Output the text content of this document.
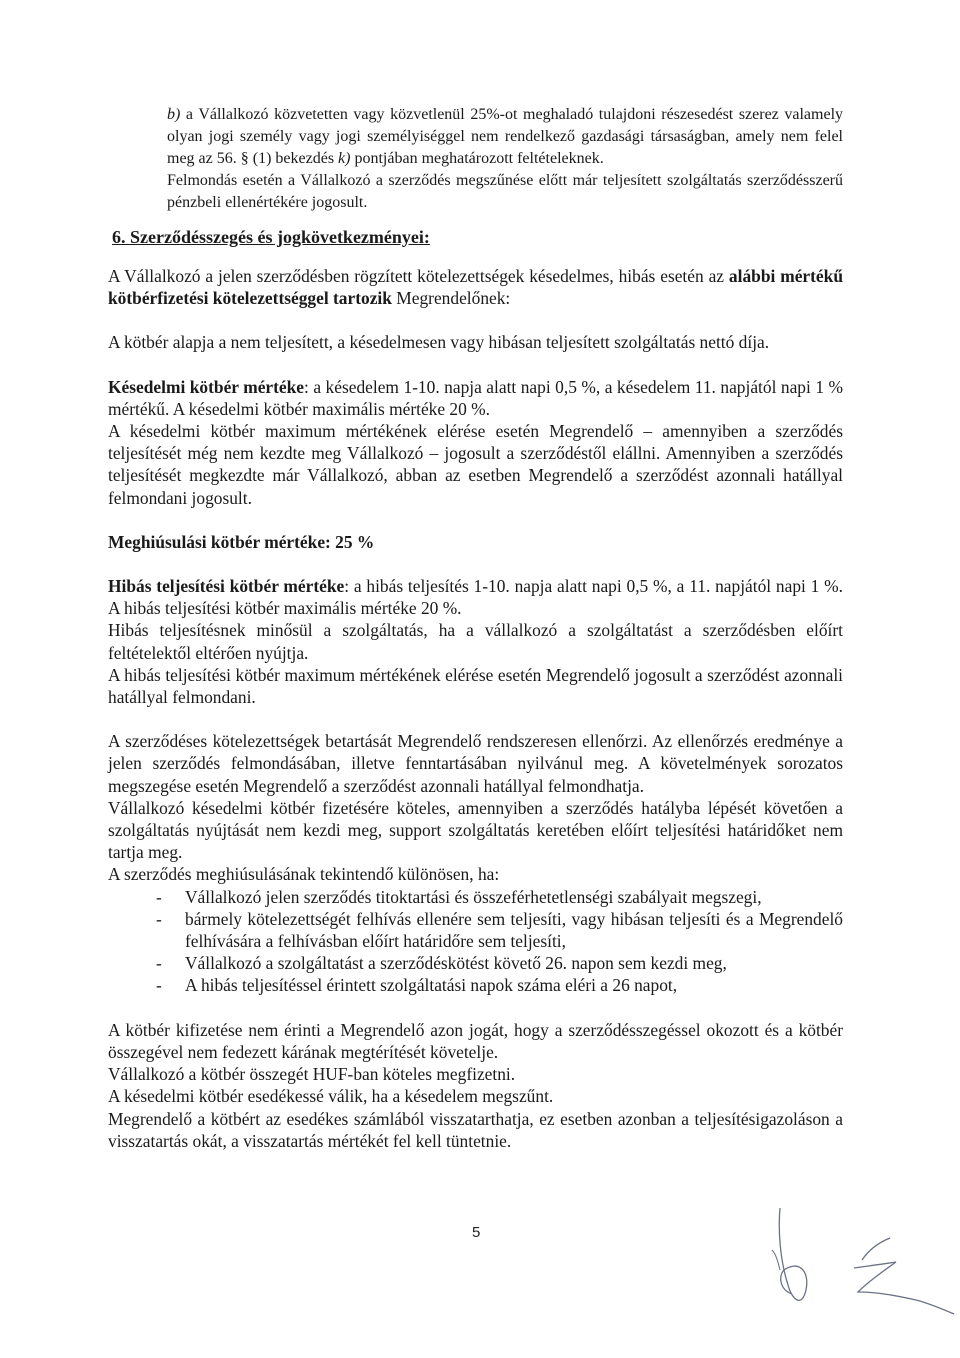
b) a Vállalkozó közvetetten vagy közvetlenül 25%-ot meghaladó tulajdoni részesedést szerez valamely olyan jogi személy vagy jogi személyiséggel nem rendelkező gazdasági társaságban, amely nem felel meg az 56. § (1) bekezdés k) pontjában meghatározott feltételeknek.

Felmondás esetén a Vállalkozó a szerződés megszűnése előtt már teljesített szolgáltatás szerződésszerű pénzbeli ellenértékére jogosult.

6. Szerződésszegés és jogkövetkezményei:

A Vállalkozó a jelen szerződésben rögzített kötelezettségek késedelmes, hibás esetén az alábbi mértékű kötbérfizetési kötelezettséggel tartozik Megrendelőnek:

A kötbér alapja a nem teljesített, a késedelmesen vagy hibásan teljesített szolgáltatás nettó díja.

Késedelmi kötbér mértéke: a késedelem 1-10. napja alatt napi 0,5 %, a késedelem 11. napjától napi 1 % mértékű. A késedelmi kötbér maximális mértéke 20 %.

A késedelmi kötbér maximum mértékének elérése esetén Megrendelő – amennyiben a szerződés teljesítését még nem kezdte meg Vállalkozó – jogosult a szerződéstől elállni. Amennyiben a szerződés teljesítését megkezdte már Vállalkozó, abban az esetben Megrendelő a szerződést azonnali hatállyal felmondani jogosult.

Meghiúsulási kötbér mértéke: 25 %

Hibás teljesítési kötbér mértéke: a hibás teljesítés 1-10. napja alatt napi 0,5 %, a 11. napjától napi 1 %. A hibás teljesítési kötbér maximális mértéke 20 %.

Hibás teljesítésnek minősül a szolgáltatás, ha a vállalkozó a szolgáltatást a szerződésben előírt feltételektől eltérően nyújtja.

A hibás teljesítési kötbér maximum mértékének elérése esetén Megrendelő jogosult a szerződést azonnali hatállyal felmondani.

A szerződéses kötelezettségek betartását Megrendelő rendszeresen ellenőrzi. Az ellenőrzés eredménye a jelen szerződés felmondásában, illetve fenntartásában nyilvánul meg. A követelmények sorozatos megszegése esetén Megrendelő a szerződést azonnali hatállyal felmondhatja.

Vállalkozó késedelmi kötbér fizetésére köteles, amennyiben a szerződés hatályba lépését követően a szolgáltatás nyújtását nem kezdi meg, support szolgáltatás keretében előírt teljesítési határidőket nem tartja meg.

A szerződés meghiúsulásának tekintendő különösen, ha:

- Vállalkozó jelen szerződés titoktartási és összeférhetetlenségi szabályait megszegi,
- bármely kötelezettségét felhívás ellenére sem teljesíti, vagy hibásan teljesíti és a Megrendelő felhívására a felhívásban előírt határidőre sem teljesíti,
- Vállalkozó a szolgáltatást a szerződéskötést követő 26. napon sem kezdi meg,
- A hibás teljesítéssel érintett szolgáltatási napok száma eléri a 26 napot,

A kötbér kifizetése nem érinti a Megrendelő azon jogát, hogy a szerződésszegéssel okozott és a kötbér összegével nem fedezett kárának megtérítését követelje.

Vállalkozó a kötbér összegét HUF-ban köteles megfizetni.

A késedelmi kötbér esedékessé válik, ha a késedelem megszűnt.

Megrendelő a kötbért az esedékes számlából visszatarthatja, ez esetben azonban a teljesítésigazoláson a visszatartás okát, a visszatartás mértékét fel kell tüntetnie.

5
